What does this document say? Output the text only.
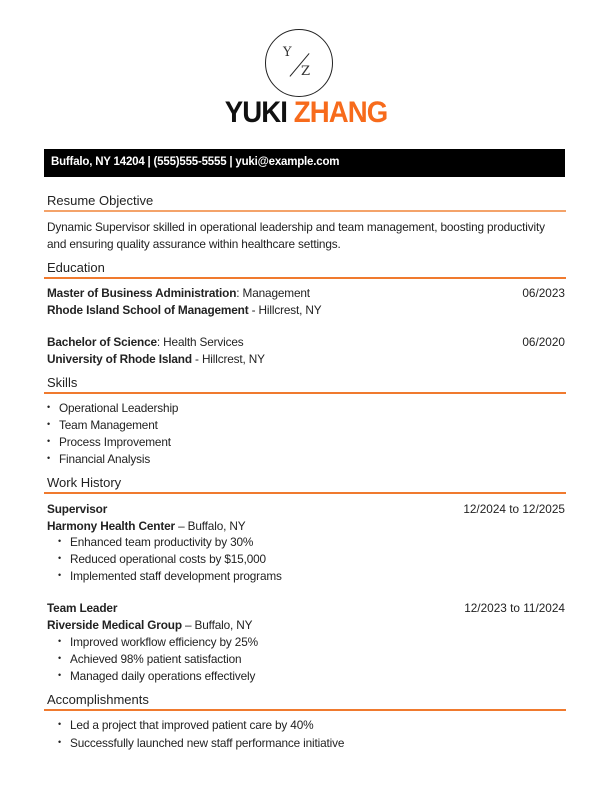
Y
Z
YUKI ZHANG
Buffalo, NY 14204 | (555)555-5555 | yuki@example.com
Resume Objective
Dynamic Supervisor skilled in operational leadership and team management, boosting productivity
and ensuring quality assurance within healthcare settings.
Education
Master of Business Administration: Management	06/2023
Rhode Island School of Management - Hillcrest, NY
Bachelor of Science: Health Services	06/2020
University of Rhode Island - Hillcrest, NY
Skills
• Operational Leadership
• Team Management
• Process Improvement
• Financial Analysis
Work History
Supervisor	12/2024 to 12/2025
Harmony Health Center – Buffalo, NY
• Enhanced team productivity by 30%
• Reduced operational costs by $15,000
• Implemented staff development programs
Team Leader	12/2023 to 11/2024
Riverside Medical Group – Buffalo, NY
• Improved workflow efficiency by 25%
• Achieved 98% patient satisfaction
• Managed daily operations effectively
Accomplishments
• Led a project that improved patient care by 40%
• Successfully launched new staff performance initiative
